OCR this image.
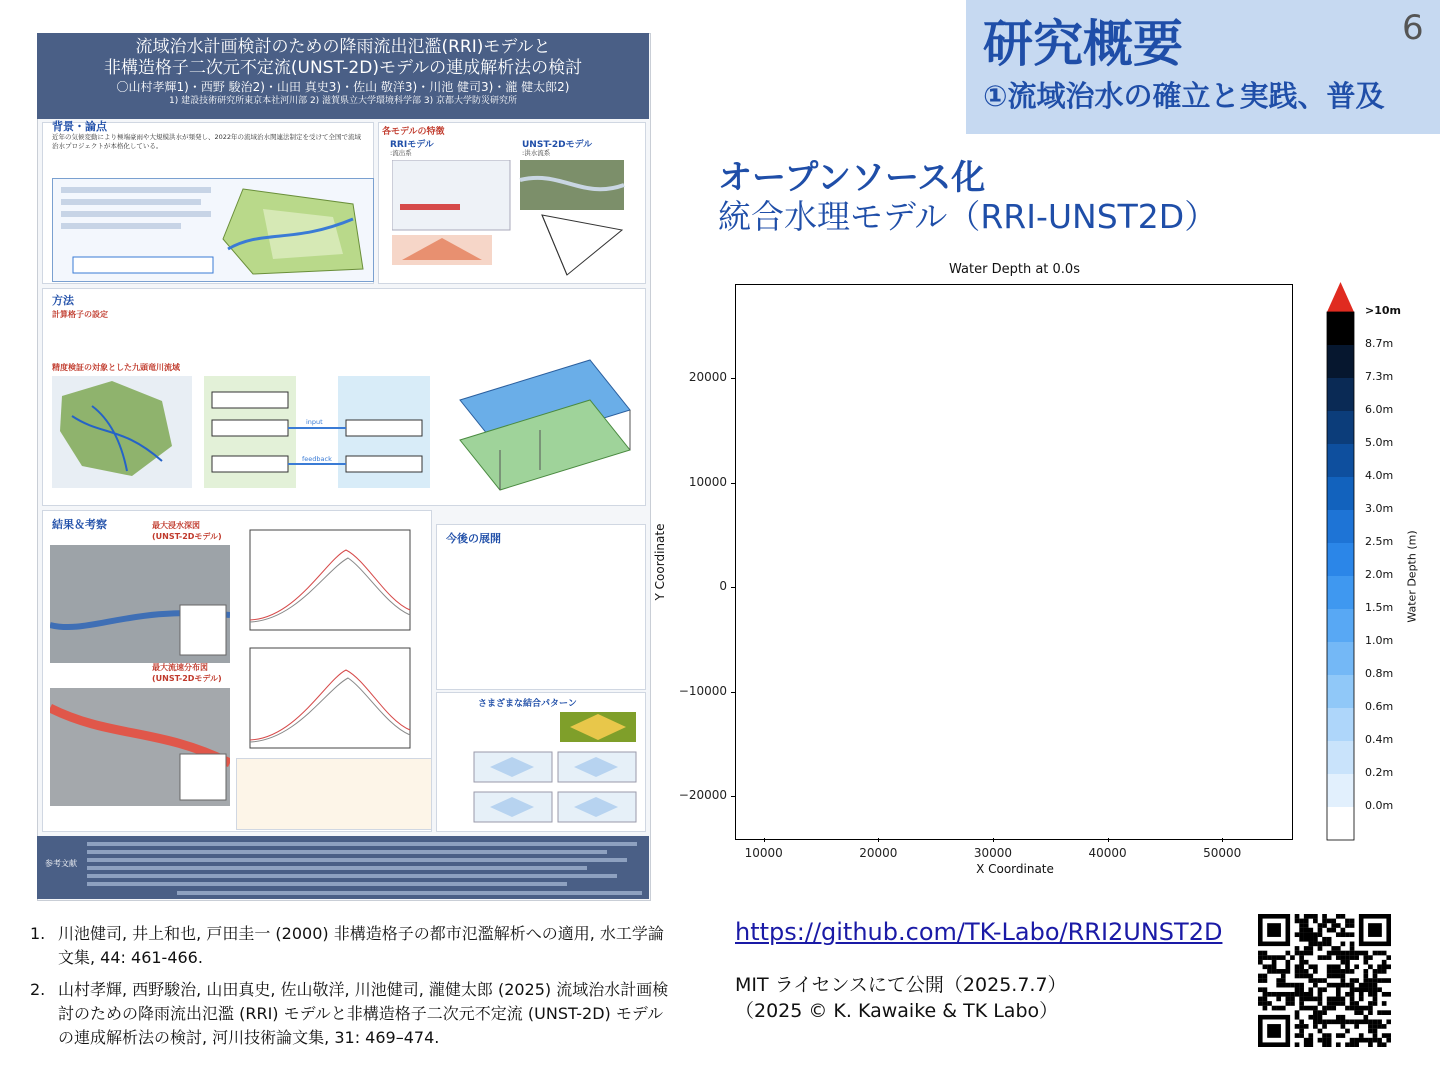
研究概要
①流域治水の確立と実践、普及
6
流域治水計画検討のための降雨流出氾濫(RRI)モデルと
非構造格子二次元不定流(UNST-2D)モデルの連成解析法の検討
〇山村孝輝1)・西野 駿治2)・山田 真史3)・佐山 敬洋3)・川池 健司3)・瀧 健太郎2)
1) 建設技術研究所東京本社河川部 2) 滋賀県立大学環境科学部 3) 京都大学防災研究所
背景・論点
近年の気候変動により極端豪雨や大規模洪水が頻発し、2022年の流域治水関連法制定を受けて全国で流域治水プロジェクトが本格化している。
各モデルの特徴
RRIモデル
:流出系
UNST-2Dモデル
:洪水流系
方法
計算格子の設定
精度検証の対象とした九頭竜川流域
input
feedback
結果＆考察	最大浸水深図 (UNST-2Dモデル)
最大流速分布図 (UNST-2Dモデル)
今後の展開
さまざまな結合パターン
参考文献
オープンソース化
統合水理モデル（RRI-UNST2D）
Water Depth at 0.0s
Y Coordinate
X Coordinate
10000	20000	30000	40000	50000
20000
10000
0
−10000
−20000
>10m
8.7m
7.3m
6.0m
5.0m
4.0m
3.0m
2.5m
2.0m
1.5m
1.0m
0.8m
0.6m
0.4m
0.2m
0.0m
Water Depth (m)
https://github.com/TK-Labo/RRI2UNST2D
MIT ライセンスにて公開（2025.7.7）
（2025 © K. Kawaike & TK Labo）
1. 川池健司, 井上和也, 戸田圭一 (2000) 非構造格子の都市氾濫解析への適用, 水工学論文集, 44: 461-466.
2. 山村孝輝, 西野駿治, 山田真史, 佐山敬洋, 川池健司, 瀧健太郎 (2025) 流域治水計画検討のための降雨流出氾濫 (RRI) モデルと非構造格子二次元不定流 (UNST-2D) モデルの連成解析法の検討, 河川技術論文集, 31: 469–474.
